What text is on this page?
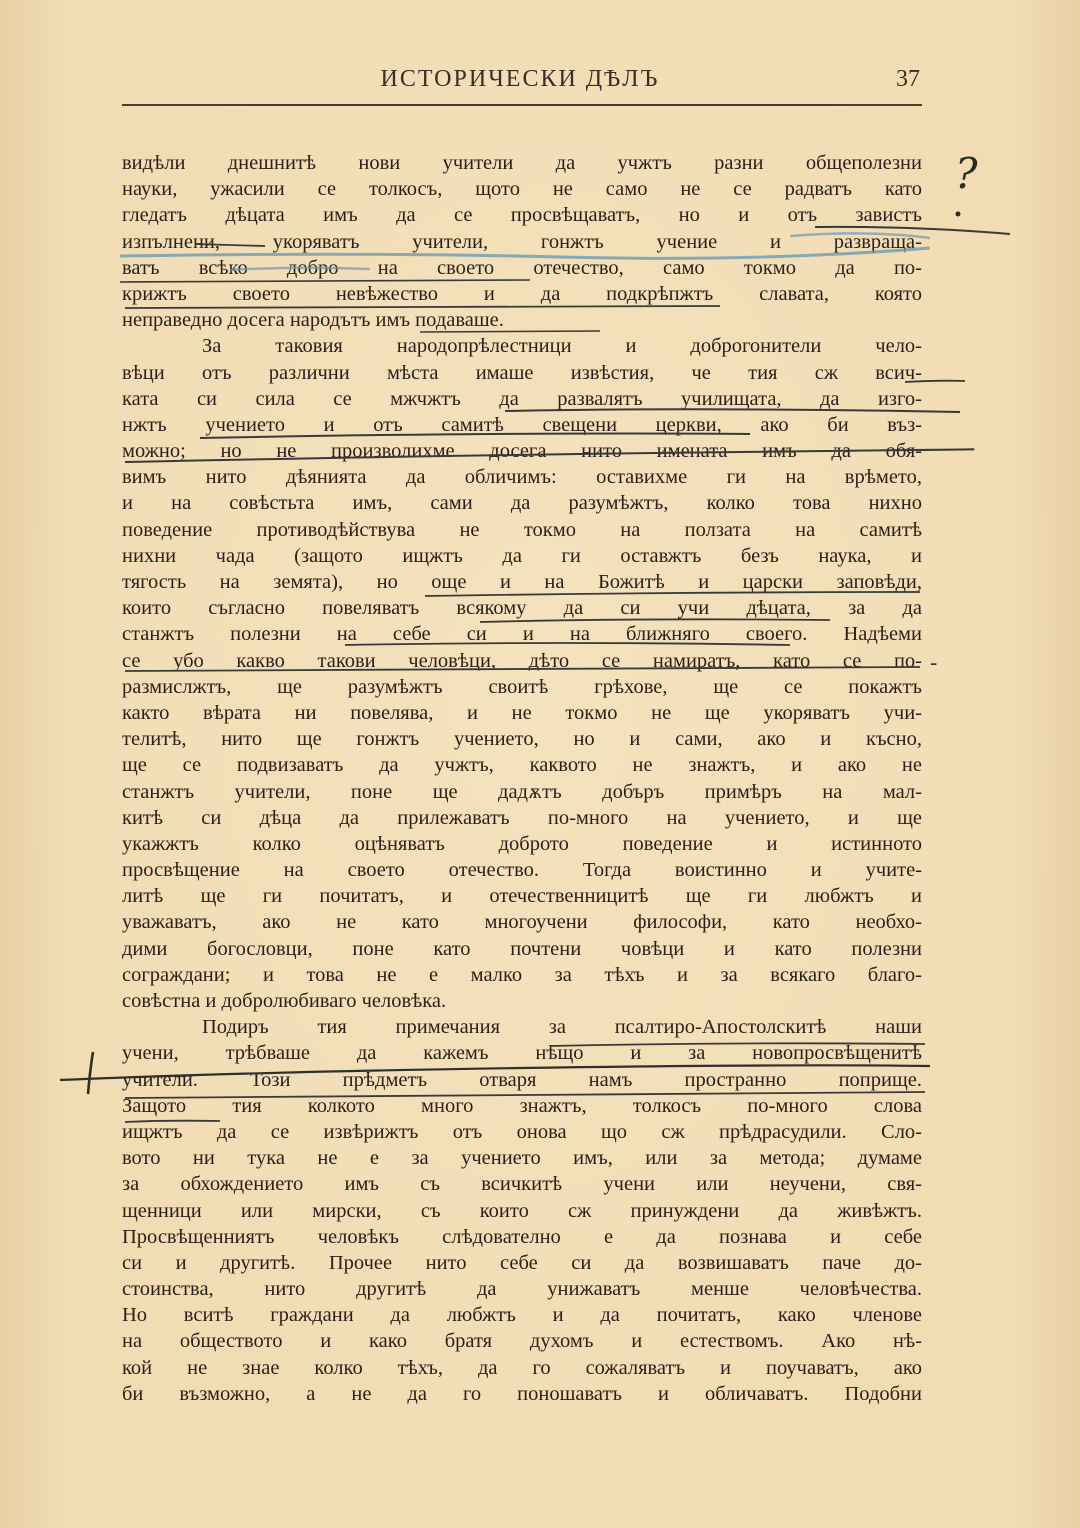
ИСТОРИЧЕСКИ ДѢЛЪ	37
видѣли днешнитѣ нови учители да учжтъ разни общеполезни
науки, ужасили се толкосъ, щото не само не се радватъ като
гледатъ дѣцата имъ да се просвѣщаватъ, но и отъ завистъ
изпълнени, укоряватъ учители, гонжтъ учение и развраща-
ватъ всѣко добро на своето отечество, само токмо да по-
крижтъ своето невѣжество и да подкрѣпжтъ славата, която
неправедно досега народътъ имъ подаваше.
За таковия народопрѣлестници и доброгонители чело-
вѣци отъ различни мѣста имаше извѣстия, че тия сж всич-
ката си сила се мжчжтъ да развалятъ училищата, да изго-
нжтъ учението и отъ самитѣ свещени церкви, ако би въз-
можно; но не произволихме досега нито имената имъ да обя-
вимъ нито дѣянията да обличимъ: оставихме ги на врѣмето,
и на совѣстьта имъ, сами да разумѣжтъ, колко това нихно
поведение противодѣйствува не токмо на ползата на самитѣ
нихни чада (защото ищжтъ да ги оставжтъ безъ наука, и
тягость на земята), но още и на Божитѣ и царски заповѣди,
които съгласно повеляватъ всякому да си учи дѣцата, за да
станжтъ полезни на себе си и на ближняго своего. Надѣеми
се убо какво такови человѣци, дѣто се намиратъ, като се по-
размислжтъ, ще разумѣжтъ своитѣ грѣхове, ще се покажтъ
както вѣрата ни повелява, и не токмо не ще укоряватъ учи-
телитѣ, нито ще гонжтъ учението, но и сами, ако и късно,
ще се подвизаватъ да учжтъ, каквото не знажтъ, и ако не
станжтъ учители, поне ще дадѫтъ добъръ примѣръ на мал-
китѣ си дѣца да прилежаватъ по-много на учението, и ще
укажжтъ колко оцѣняватъ доброто поведение и истинното
просвѣщение на своето отечество. Тогда воистинно и учите-
литѣ ще ги почитатъ, и отечественницитѣ ще ги любжтъ и
уважаватъ, ако не като многоучени философи, като необхо-
дими богословци, поне като почтени човѣци и като полезни
сограждани; и това не е малко за тѣхъ и за всякаго благо-
совѣстна и добролюбиваго человѣка.
Подиръ тия примечания за псалтиро-Апостолскитѣ наши
учени, трѣбваше да кажемъ нѣщо и за новопросвѣщенитѣ
учители. Този прѣдметъ отваря намъ пространно поприще.
Защото тия колкото много знажтъ, толкосъ по-много слова
ищжтъ да се извѣрижтъ отъ онова що сж прѣдрасудили. Сло-
вото ни тука не е за учението имъ, или за метода; думаме
за обхождението имъ съ всичкитѣ учени или неучени, свя-
щенници или мирски, съ които сж принуждени да живѣжтъ.
Просвѣщенниятъ человѣкъ слѣдователно е да познава и себе
си и другитѣ. Прочее нито себе си да возвишаватъ паче до-
стоинства, нито другитѣ да унижаватъ менше человѣчества.
Но вситѣ граждани да любжтъ и да почитатъ, како членове
на обществото и како братя духомъ и естествомъ. Ако нѣ-
кой не знае колко тѣхъ, да го сожаляватъ и поучаватъ, ако
би възможно, а не да го поношаватъ и обличаватъ. Подобни
?
-
